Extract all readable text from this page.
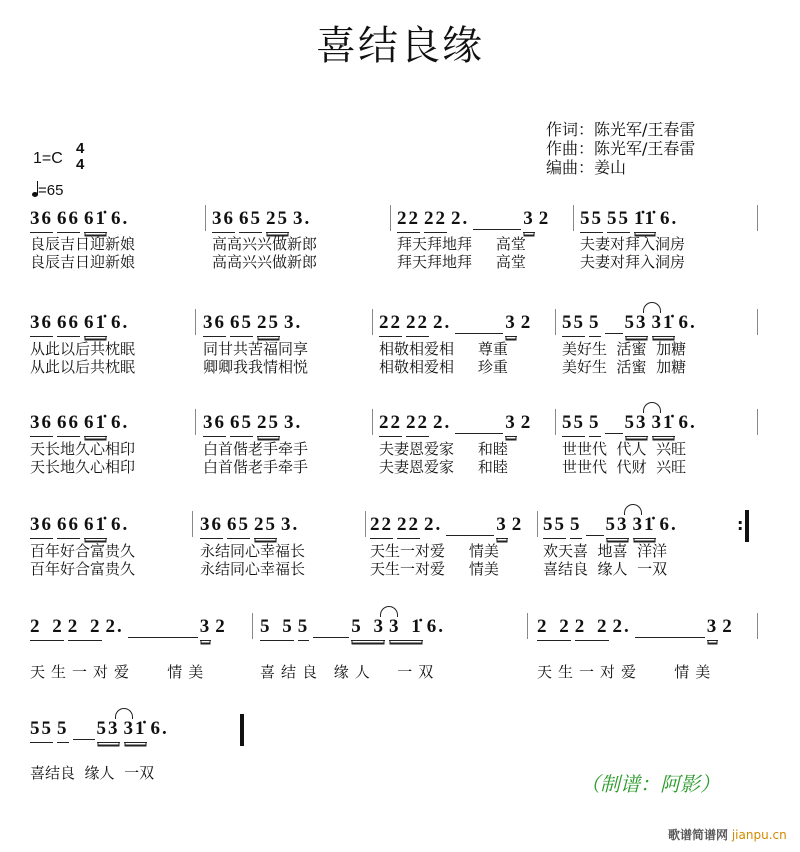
喜结良缘
作词：陈光军/王春雷
作曲：陈光军/王春雷
编曲：姜山
1=C
4
4
=65
36 66 61̇ 6.
良辰吉日迎新娘
良辰吉日迎新娘
36 65 25 3.
高高兴兴做新郎
高高兴兴做新郎
22 22 2.	3 2
拜天拜地拜     高堂
拜天拜地拜     高堂
55 55 1̇1̇ 6.
夫妻对拜入洞房
夫妻对拜入洞房
36 66 61̇ 6.
从此以后共枕眠
从此以后共枕眠
36 65 25 3.
同甘共苦福同享
卿卿我我情相悦
22 22 2.	3 2
相敬相爱相     尊重
相敬相爱相     珍重
55 5 53 31̇ 6.
美好生  活蜜  加糖
美好生  活蜜  加糖
36 66 61̇ 6.
天长地久心相印
天长地久心相印
36 65 25 3.
白首偕老手牵手
白首偕老手牵手
22 22 2.	3 2
夫妻恩爱家     和睦
夫妻恩爱家     和睦
55 5 53 31̇ 6.
世世代  代人  兴旺
世世代  代财  兴旺
36 66 61̇ 6.
百年好合富贵久
百年好合富贵久
36 65 25 3.
永结同心幸福长
永结同心幸福长
22 22 2.	3 2
天生一对爱     情美
天生一对爱     情美
55 5 53 31̇ 6.
欢天喜  地喜  洋洋
喜结良  缘人  一双
:
2 2 2 2 2.	3 2
天生一对爱   情美
5 5 5 5 3 3 1̇ 6.
喜结良 缘人  一双
2 2 2 2 2.	3 2
天生一对爱   情美
55 5 53 31̇ 6.
喜结良  缘人  一双	（制谱：阿影）
歌谱简谱网 jianpu.cn
